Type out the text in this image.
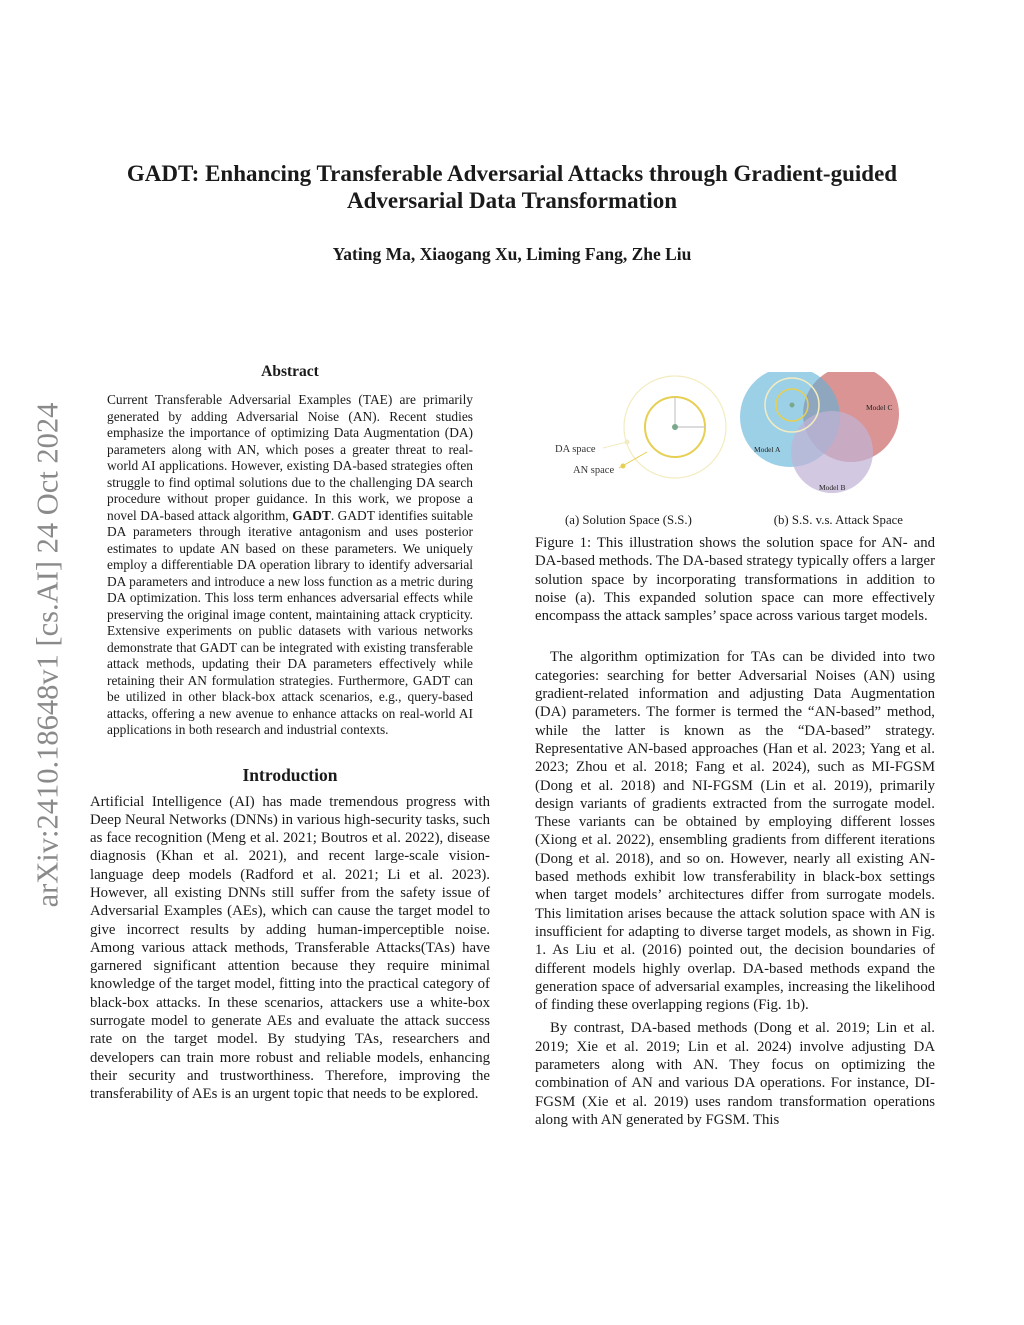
arXiv:2410.18648v1 [cs.AI] 24 Oct 2024
GADT: Enhancing Transferable Adversarial Attacks through Gradient-guided
Adversarial Data Transformation

Yating Ma, Xiaogang Xu, Liming Fang, Zhe Liu

Abstract

Current Transferable Adversarial Examples (TAE) are primarily generated by adding Adversarial Noise (AN). Recent studies emphasize the importance of optimizing Data Augmentation (DA) parameters along with AN, which poses a greater threat to real-world AI applications. However, existing DA-based strategies often struggle to find optimal solutions due to the challenging DA search procedure without proper guidance. In this work, we propose a novel DA-based attack algorithm, GADT. GADT identifies suitable DA parameters through iterative antagonism and uses posterior estimates to update AN based on these parameters. We uniquely employ a differentiable DA operation library to identify adversarial DA parameters and introduce a new loss function as a metric during DA optimization. This loss term enhances adversarial effects while preserving the original image content, maintaining attack crypticity. Extensive experiments on public datasets with various networks demonstrate that GADT can be integrated with existing transferable attack methods, updating their DA parameters effectively while retaining their AN formulation strategies. Furthermore, GADT can be utilized in other black-box attack scenarios, e.g., query-based attacks, offering a new avenue to enhance attacks on real-world AI applications in both research and industrial contexts.

Introduction

Artificial Intelligence (AI) has made tremendous progress with Deep Neural Networks (DNNs) in various high-security tasks, such as face recognition (Meng et al. 2021; Boutros et al. 2022), disease diagnosis (Khan et al. 2021), and recent large-scale vision-language deep models (Radford et al. 2021; Li et al. 2023). However, all existing DNNs still suffer from the safety issue of Adversarial Examples (AEs), which can cause the target model to give incorrect results by adding human-imperceptible noise. Among various attack methods, Transferable Attacks(TAs) have garnered significant attention because they require minimal knowledge of the target model, fitting into the practical category of black-box attacks. In these scenarios, attackers use a white-box surrogate model to generate AEs and evaluate the attack success rate on the target model. By studying TAs, researchers and developers can train more robust and reliable models, enhancing their security and trustworthiness. Therefore, improving the transferability of AEs is an urgent topic that needs to be explored.

DA space
AN space
Model A
Model C
Model B
(a) Solution Space (S.S.)	(b) S.S. v.s. Attack Space

Figure 1: This illustration shows the solution space for AN- and DA-based methods. The DA-based strategy typically offers a larger solution space by incorporating transformations in addition to noise (a). This expanded solution space can more effectively encompass the attack samples’ space across various target models.

The algorithm optimization for TAs can be divided into two categories: searching for better Adversarial Noises (AN) using gradient-related information and adjusting Data Augmentation (DA) parameters. The former is termed the “AN-based” method, while the latter is known as the “DA-based” strategy. Representative AN-based approaches (Han et al. 2023; Yang et al. 2023; Zhou et al. 2018; Fang et al. 2024), such as MI-FGSM (Dong et al. 2018) and NI-FGSM (Lin et al. 2019), primarily design variants of gradients extracted from the surrogate model. These variants can be obtained by employing different losses (Xiong et al. 2022), ensembling gradients from different iterations (Dong et al. 2018), and so on. However, nearly all existing AN-based methods exhibit low transferability in black-box settings when target models’ architectures differ from surrogate models. This limitation arises because the attack solution space with AN is insufficient for adapting to diverse target models, as shown in Fig. 1. As Liu et al. (2016) pointed out, the decision boundaries of different models highly overlap. DA-based methods expand the generation space of adversarial examples, increasing the likelihood of finding these overlapping regions (Fig. 1b).

By contrast, DA-based methods (Dong et al. 2019; Lin et al. 2019; Xie et al. 2019; Lin et al. 2024) involve adjusting DA parameters along with AN. They focus on optimizing the combination of AN and various DA operations. For instance, DI-FGSM (Xie et al. 2019) uses random transformation operations along with AN generated by FGSM. This
